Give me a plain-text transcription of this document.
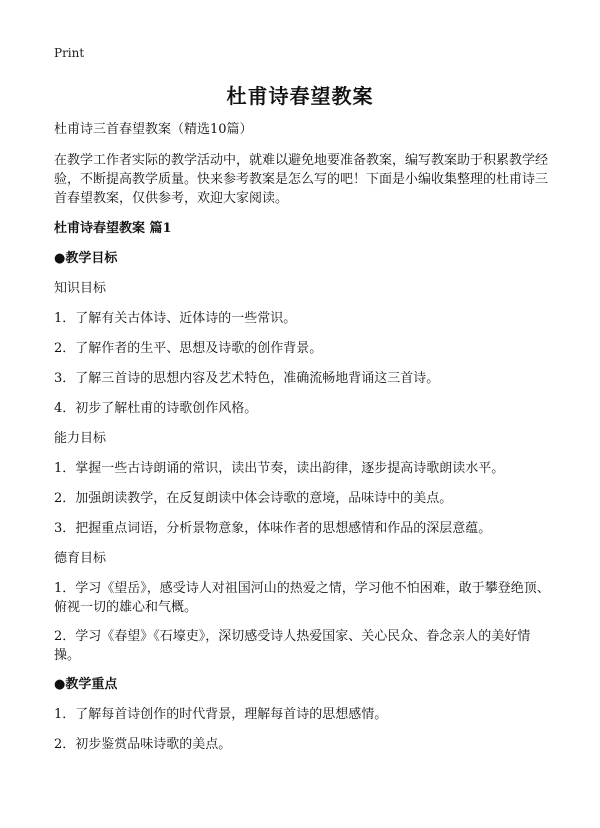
Print
杜甫诗春望教案

杜甫诗三首春望教案（精选10篇）

在教学工作者实际的教学活动中，就难以避免地要准备教案，编写教案助于积累教学经验，不断提高教学质量。快来参考教案是怎么写的吧！下面是小编收集整理的杜甫诗三首春望教案，仅供参考，欢迎大家阅读。

杜甫诗春望教案 篇1

●教学目标

知识目标

1．了解有关古体诗、近体诗的一些常识。

2．了解作者的生平、思想及诗歌的创作背景。

3．了解三首诗的思想内容及艺术特色，准确流畅地背诵这三首诗。

4．初步了解杜甫的诗歌创作风格。

能力目标

1．掌握一些古诗朗诵的常识，读出节奏，读出韵律，逐步提高诗歌朗读水平。

2．加强朗读教学，在反复朗读中体会诗歌的意境，品味诗中的美点。

3．把握重点词语，分析景物意象，体味作者的思想感情和作品的深层意蕴。

德育目标

1．学习《望岳》，感受诗人对祖国河山的热爱之情，学习他不怕困难，敢于攀登绝顶、俯视一切的雄心和气概。

2．学习《春望》《石壕吏》，深切感受诗人热爱国家、关心民众、眷念亲人的美好情操。

●教学重点

1．了解每首诗创作的时代背景，理解每首诗的思想感情。

2．初步鉴赏品味诗歌的美点。
